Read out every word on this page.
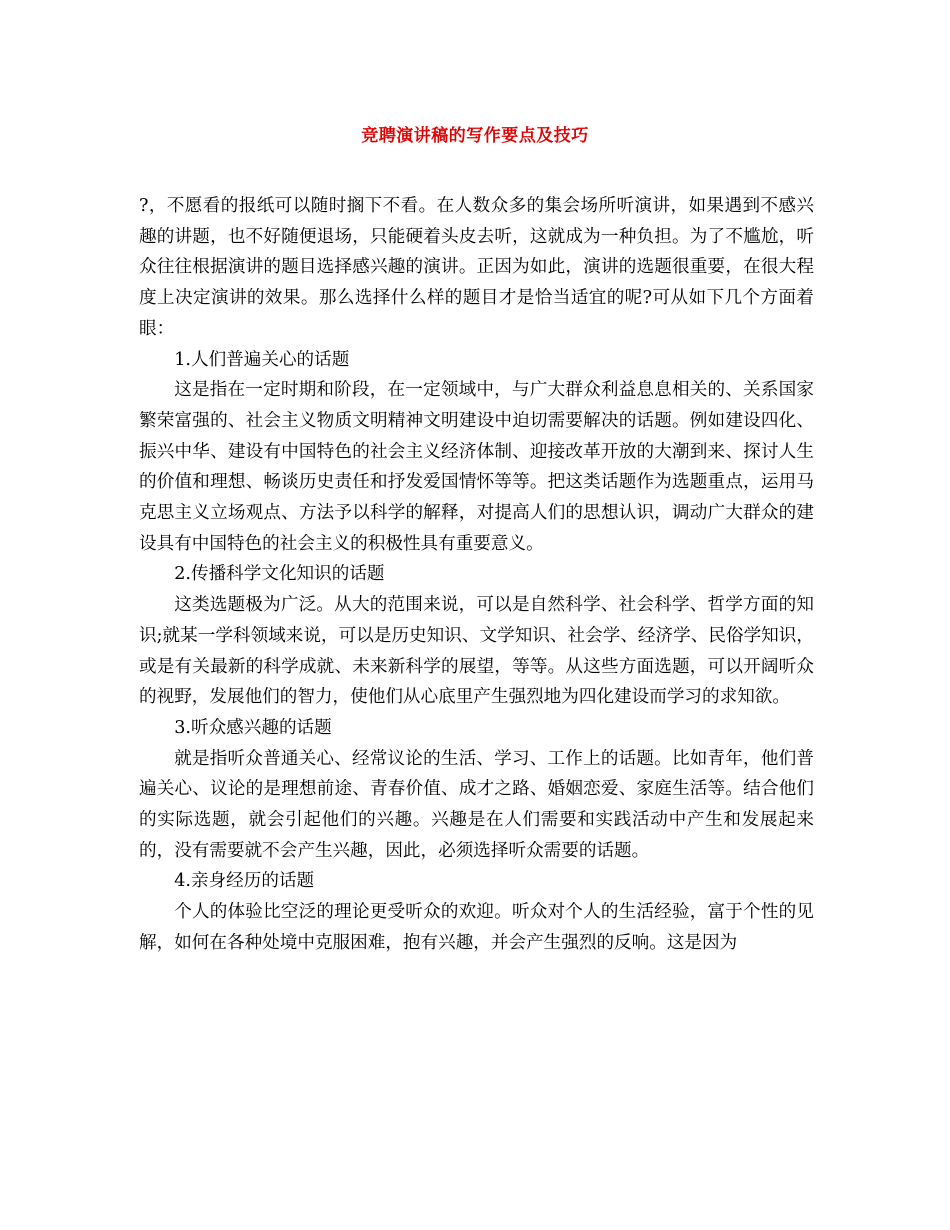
竞聘演讲稿的写作要点及技巧

?，不愿看的报纸可以随时搁下不看。在人数众多的集会场所听演讲，如果遇到不感兴趣的讲题，也不好随便退场，只能硬着头皮去听，这就成为一种负担。为了不尴尬，听众往往根据演讲的题目选择感兴趣的演讲。正因为如此，演讲的选题很重要，在很大程度上决定演讲的效果。那么选择什么样的题目才是恰当适宜的呢?可从如下几个方面着眼：

1.人们普遍关心的话题

这是指在一定时期和阶段，在一定领域中，与广大群众利益息息相关的、关系国家繁荣富强的、社会主义物质文明精神文明建设中迫切需要解决的话题。例如建设四化、振兴中华、建设有中国特色的社会主义经济体制、迎接改革开放的大潮到来、探讨人生的价值和理想、畅谈历史责任和抒发爱国情怀等等。把这类话题作为选题重点，运用马克思主义立场观点、方法予以科学的解释，对提高人们的思想认识，调动广大群众的建设具有中国特色的社会主义的积极性具有重要意义。

2.传播科学文化知识的话题

这类选题极为广泛。从大的范围来说，可以是自然科学、社会科学、哲学方面的知识;就某一学科领域来说，可以是历史知识、文学知识、社会学、经济学、民俗学知识，或是有关最新的科学成就、未来新科学的展望，等等。从这些方面选题，可以开阔听众的视野，发展他们的智力，使他们从心底里产生强烈地为四化建设而学习的求知欲。

3.听众感兴趣的话题

就是指听众普通关心、经常议论的生活、学习、工作上的话题。比如青年，他们普遍关心、议论的是理想前途、青春价值、成才之路、婚姻恋爱、家庭生活等。结合他们的实际选题，就会引起他们的兴趣。兴趣是在人们需要和实践活动中产生和发展起来的，没有需要就不会产生兴趣，因此，必须选择听众需要的话题。

4.亲身经历的话题

个人的体验比空泛的理论更受听众的欢迎。听众对个人的生活经验，富于个性的见解，如何在各种处境中克服困难，抱有兴趣，并会产生强烈的反响。这是因为
